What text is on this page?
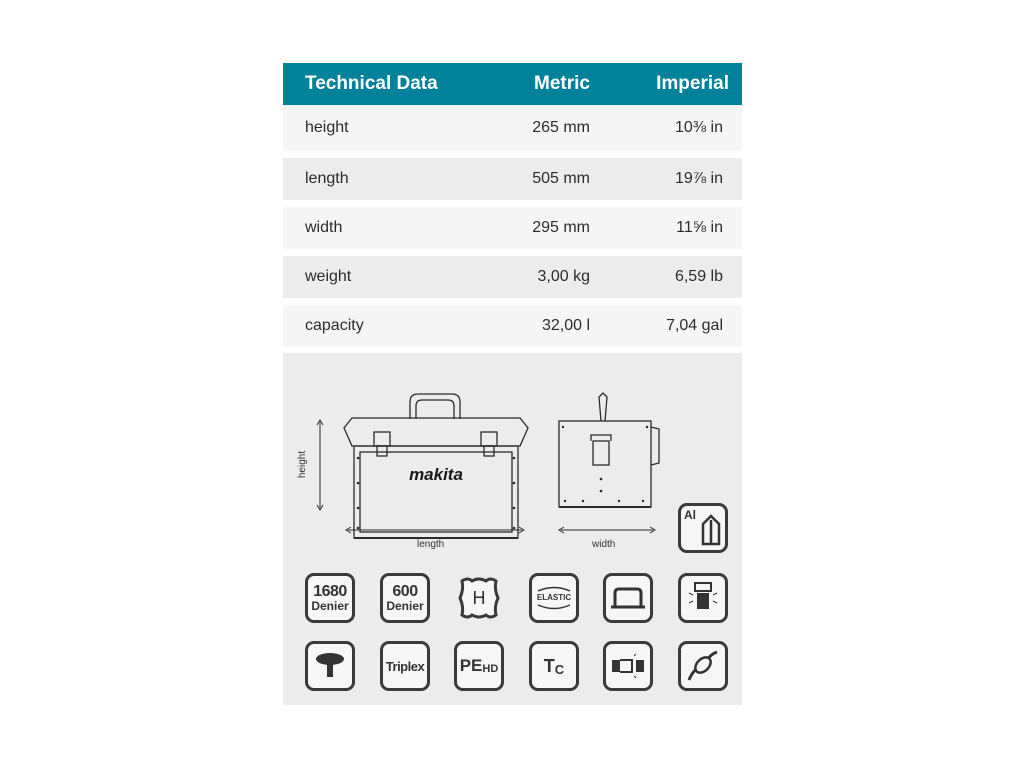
Technical Data	Metric	Imperial
height	265 mm	10⅜ in
length	505 mm	19⅞ in
width	295 mm	11⅝ in
weight	3,00 kg	6,59 lb
capacity	32,00 l	7,04 gal
makita
height
length	width
Al
1680
Denier
600
Denier	H	ELASTIC
Triplex PE HD	T C
